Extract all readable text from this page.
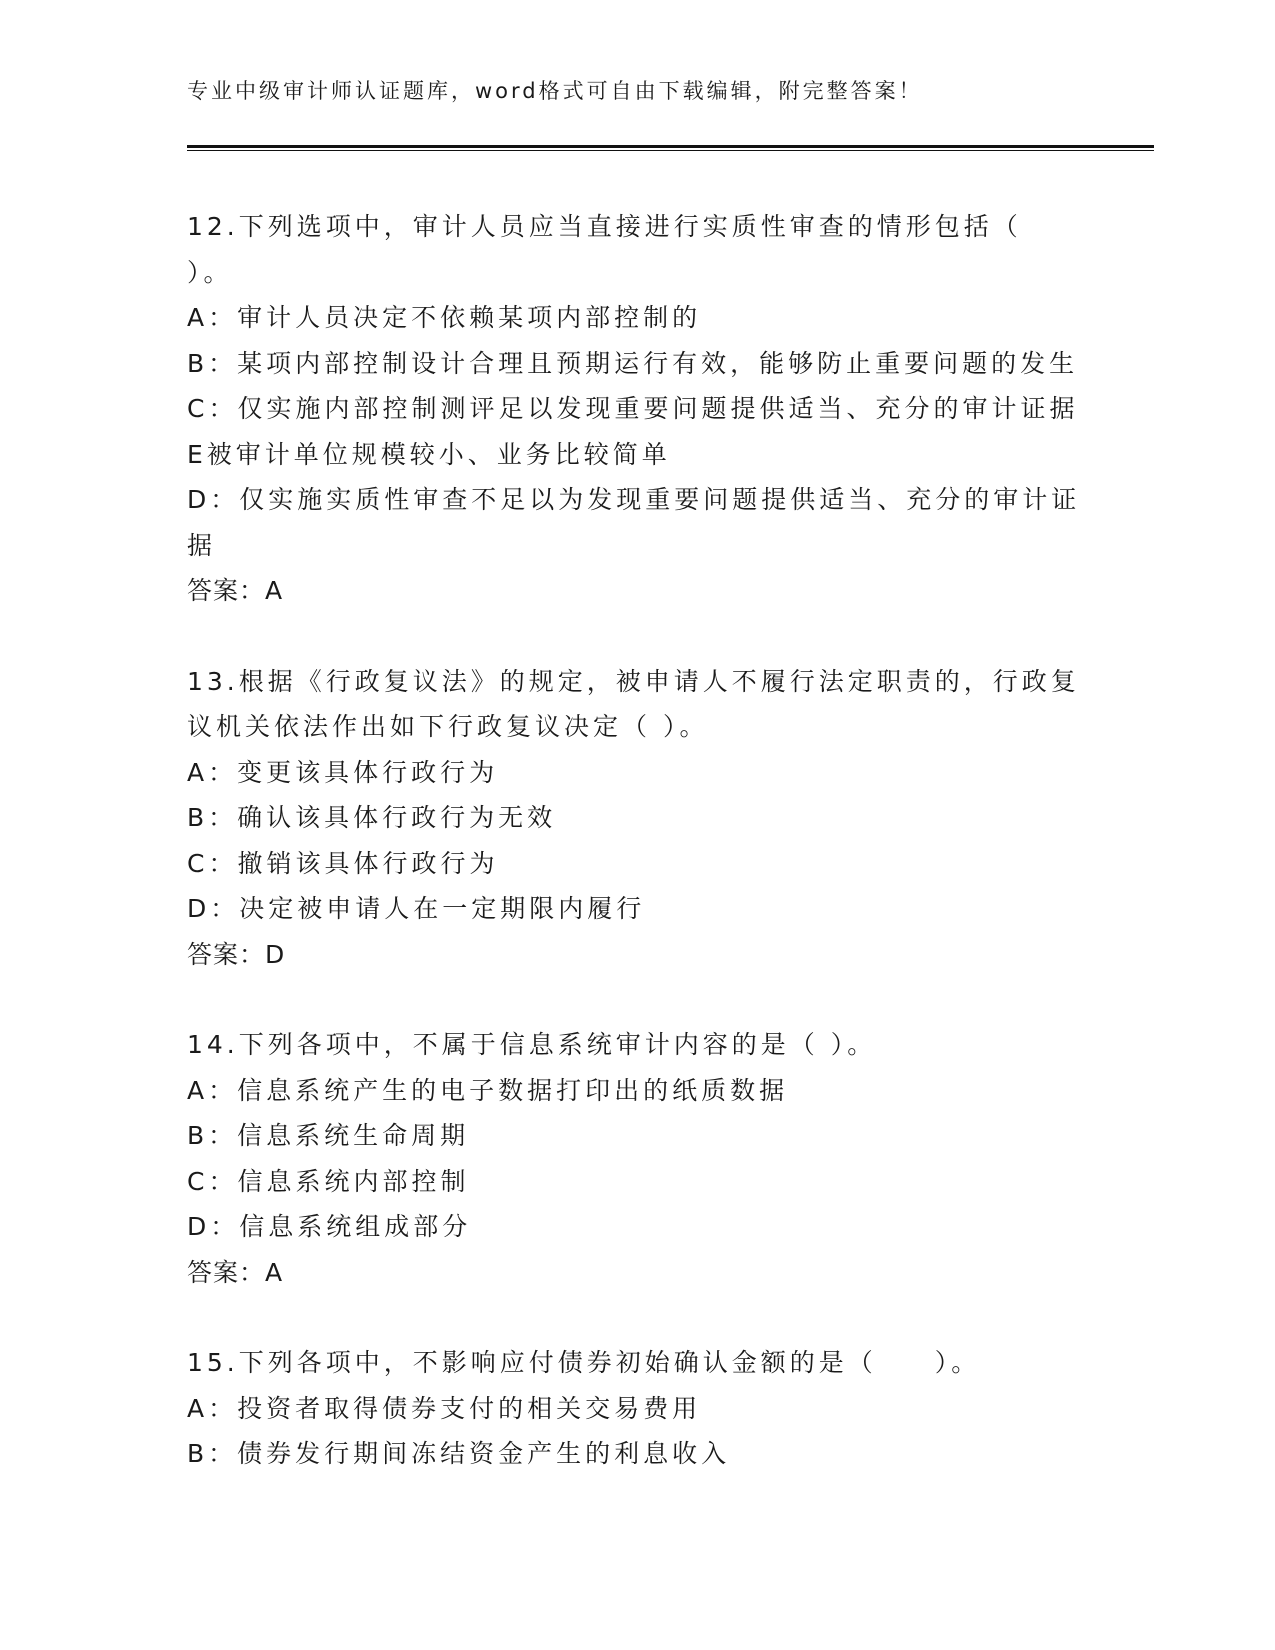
专业中级审计师认证题库，word格式可自由下载编辑，附完整答案！
12.下列选项中，审计人员应当直接进行实质性审查的情形包括（
）。
A：审计人员决定不依赖某项内部控制的
B：某项内部控制设计合理且预期运行有效，能够防止重要问题的发生
C：仅实施内部控制测评足以发现重要问题提供适当、充分的审计证据
E被审计单位规模较小、业务比较简单
D：仅实施实质性审查不足以为发现重要问题提供适当、充分的审计证
据
答案：A
13.根据《行政复议法》的规定，被申请人不履行法定职责的，行政复
议机关依法作出如下行政复议决定（ ）。
A：变更该具体行政行为
B：确认该具体行政行为无效
C：撤销该具体行政行为
D：决定被申请人在一定期限内履行
答案：D
14.下列各项中，不属于信息系统审计内容的是（ ）。
A：信息系统产生的电子数据打印出的纸质数据
B：信息系统生命周期
C：信息系统内部控制
D：信息系统组成部分
答案：A
15.下列各项中，不影响应付债券初始确认金额的是（　　）。
A：投资者取得债券支付的相关交易费用
B：债券发行期间冻结资金产生的利息收入
